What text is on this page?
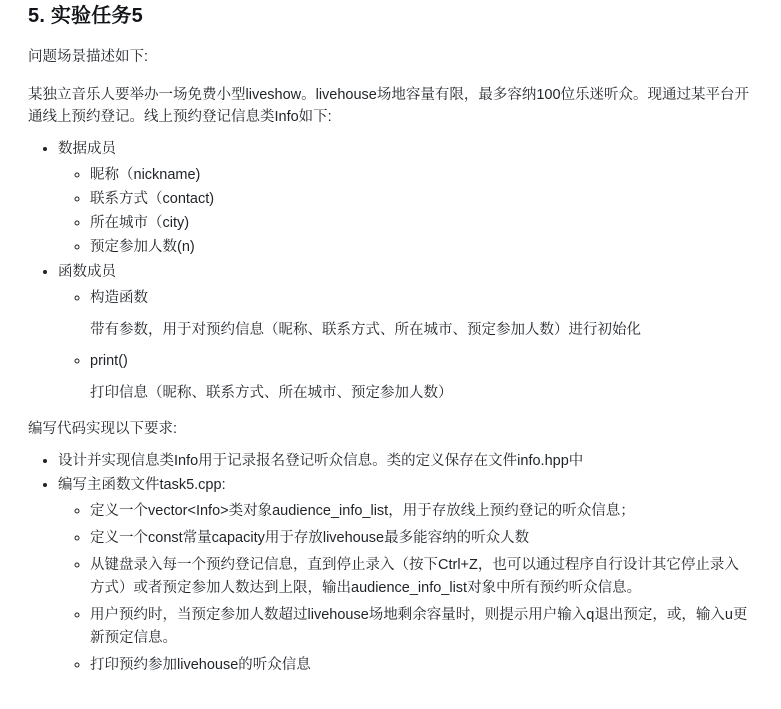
5. 实验任务5

问题场景描述如下:

某独立音乐人要举办一场免费小型liveshow。livehouse场地容量有限，最多容纳100位乐迷听众。现通过某平台开通线上预约登记。线上预约登记信息类Info如下:

• 数据成员
◦ 昵称（nickname)
◦ 联系方式（contact)
◦ 所在城市（city)
◦ 预定参加人数(n)
• 函数成员
◦ 构造函数
带有参数，用于对预约信息（昵称、联系方式、所在城市、预定参加人数）进行初始化
◦ print()
打印信息（昵称、联系方式、所在城市、预定参加人数）

编写代码实现以下要求:

• 设计并实现信息类Info用于记录报名登记听众信息。类的定义保存在文件info.hpp中
• 编写主函数文件task5.cpp:
◦ 定义一个vector<Info>类对象audience_info_list，用于存放线上预约登记的听众信息；
◦ 定义一个const常量capacity用于存放livehouse最多能容纳的听众人数
◦ 从键盘录入每一个预约登记信息，直到停止录入（按下Ctrl+Z，也可以通过程序自行设计其它停止录入方式）或者预定参加人数达到上限，输出audience_info_list对象中所有预约听众信息。
◦ 用户预约时，当预定参加人数超过livehouse场地剩余容量时，则提示用户输入q退出预定，或，输入u更新预定信息。
◦ 打印预约参加livehouse的听众信息
